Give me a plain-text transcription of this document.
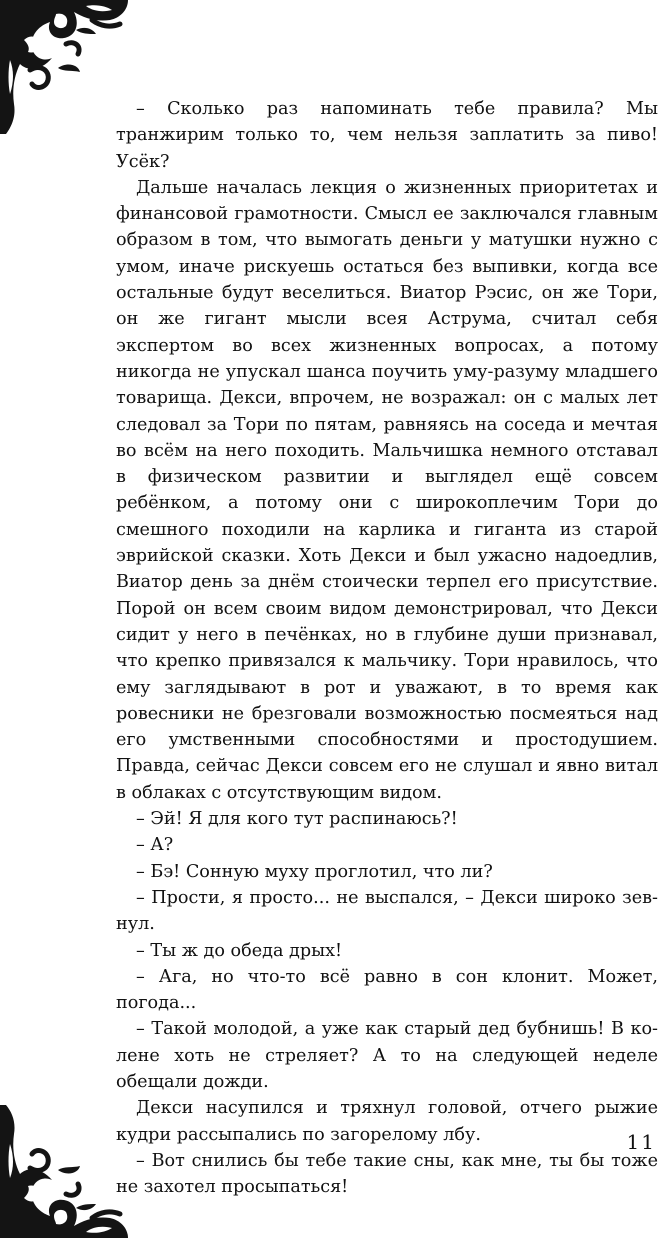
– Сколько раз напоминать тебе правила? Мы транжирим только то, чем нельзя заплатить за пиво! Усёк?

Дальше началась лекция о жизненных приоритетах и финансовой грамотности. Смысл ее заключался главным образом в том, что вымогать деньги у матушки нужно с умом, иначе рискуешь остаться без выпивки, когда все остальные будут веселиться. Виатор Рэсис, он же Тори, он же гигант мысли всея Аструма, считал себя экспертом во всех жизненных вопросах, а потому никогда не упускал шанса поучить уму-разуму младшего товарища. Декси, впрочем, не возражал: он с малых лет следовал за Тори по пятам, равняясь на соседа и мечтая во всём на него походить. Мальчишка немного отставал в физическом развитии и выглядел ещё совсем ребёнком, а потому они с широкоплечим Тори до смешного походили на карлика и гиганта из старой эврийской сказки. Хоть Декси и был ужасно надоедлив, Виатор день за днём стоически терпел его присутствие. Порой он всем своим видом демонстрировал, что Декси сидит у него в печёнках, но в глубине души признавал, что крепко привязался к мальчику. Тори нравилось, что ему заглядывают в рот и уважают, в то время как ровесники не брезговали возможностью посмеяться над его умственными способностями и простодушием. Правда, сейчас Декси совсем его не слушал и явно витал в облаках с отсутствующим видом.

– Эй! Я для кого тут распинаюсь?!

– А?

– Бэ! Сонную муху проглотил, что ли?

– Прости, я просто... не выспался, – Декси широко зевнул.

– Ты ж до обеда дрых!

– Ага, но что-то всё равно в сон клонит. Может, погода...

– Такой молодой, а уже как старый дед бубнишь! В колене хоть не стреляет? А то на следующей неделе обещали дожди.

Декси насупился и тряхнул головой, отчего рыжие кудри рассыпались по загорелому лбу.

– Вот снились бы тебе такие сны, как мне, ты бы тоже не захотел просыпаться!

11
